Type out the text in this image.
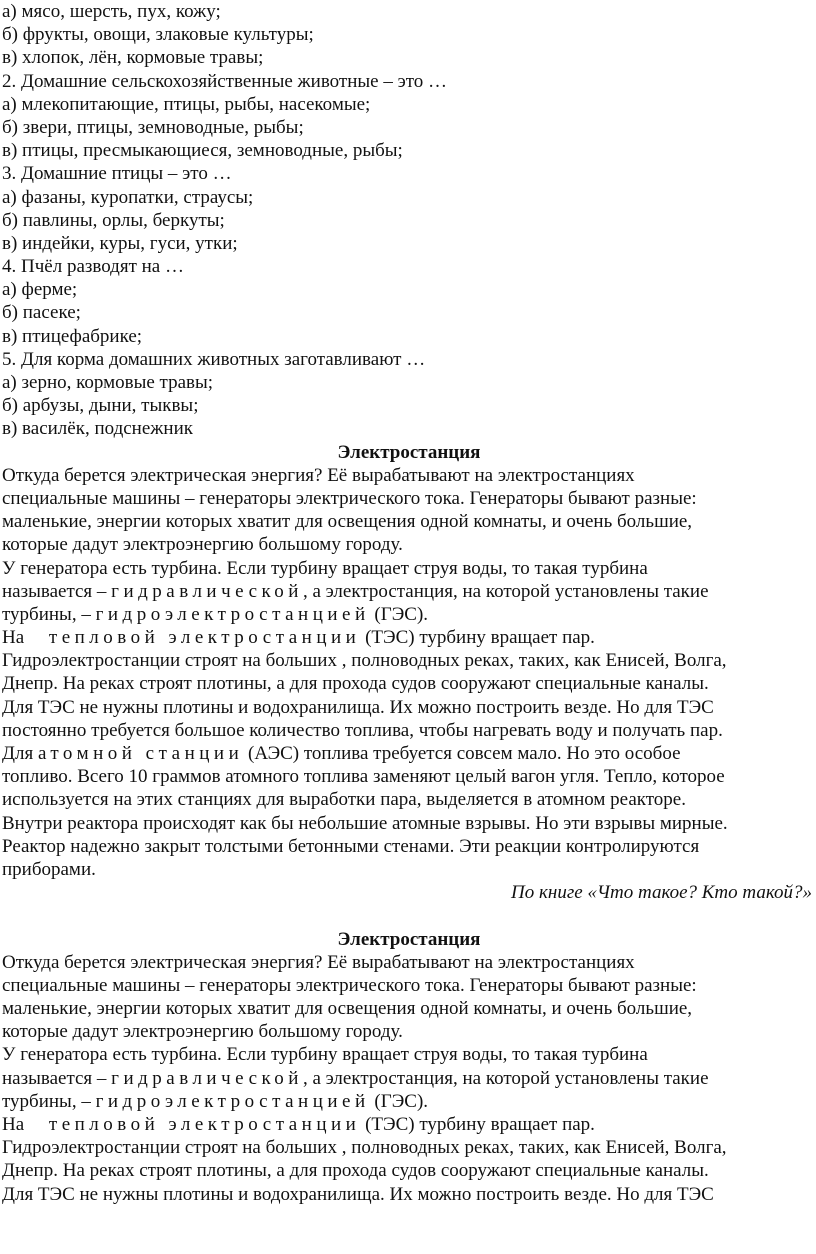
а) мясо, шерсть, пух, кожу;
б) фрукты, овощи, злаковые культуры;
в) хлопок, лён, кормовые травы;
2. Домашние сельскохозяйственные животные – это …
а) млекопитающие, птицы, рыбы, насекомые;
б) звери, птицы, земноводные, рыбы;
в) птицы, пресмыкающиеся, земноводные, рыбы;
3. Домашние птицы – это …
а) фазаны, куропатки, страусы;
б) павлины, орлы, беркуты;
в) индейки, куры, гуси, утки;
4. Пчёл разводят на …
а) ферме;
б) пасеке;
в) птицефабрике;
5. Для корма домашних животных заготавливают …
а) зерно, кормовые травы;
б) арбузы, дыни, тыквы;
в) василёк, подснежник
Электростанция
Откуда берется электрическая энергия? Её вырабатывают на электростанциях
специальные машины – генераторы электрического тока. Генераторы бывают разные:
маленькие, энергии которых хватит для освещения одной комнаты, и очень большие,
которые дадут электроэнергию большому городу.
У генератора есть турбина. Если турбину вращает струя воды, то такая турбина
называется – гидравлической, а электростанция, на которой установлены такие
турбины, – гидроэлектростанцией (ГЭС).
На тепловой электростанции (ТЭС) турбину вращает пар.
Гидроэлектростанции строят на больших , полноводных реках, таких, как Енисей, Волга,
Днепр. На реках строят плотины, а для прохода судов сооружают специальные каналы.
Для ТЭС не нужны плотины и водохранилища. Их можно построить везде. Но для ТЭС
постоянно требуется большое количество топлива, чтобы нагревать воду и получать пар.
Для атомной станции (АЭС) топлива требуется совсем мало. Но это особое
топливо. Всего 10 граммов атомного топлива заменяют целый вагон угля. Тепло, которое
используется на этих станциях для выработки пара, выделяется в атомном реакторе.
Внутри реактора происходят как бы небольшие атомные взрывы. Но эти взрывы мирные.
Реактор надежно закрыт толстыми бетонными стенами. Эти реакции контролируются
приборами.
По книге «Что такое? Кто такой?»
Электростанция
Откуда берется электрическая энергия? Её вырабатывают на электростанциях
специальные машины – генераторы электрического тока. Генераторы бывают разные:
маленькие, энергии которых хватит для освещения одной комнаты, и очень большие,
которые дадут электроэнергию большому городу.
У генератора есть турбина. Если турбину вращает струя воды, то такая турбина
называется – гидравлической, а электростанция, на которой установлены такие
турбины, – гидроэлектростанцией (ГЭС).
На тепловой электростанции (ТЭС) турбину вращает пар.
Гидроэлектростанции строят на больших , полноводных реках, таких, как Енисей, Волга,
Днепр. На реках строят плотины, а для прохода судов сооружают специальные каналы.
Для ТЭС не нужны плотины и водохранилища. Их можно построить везде. Но для ТЭС
